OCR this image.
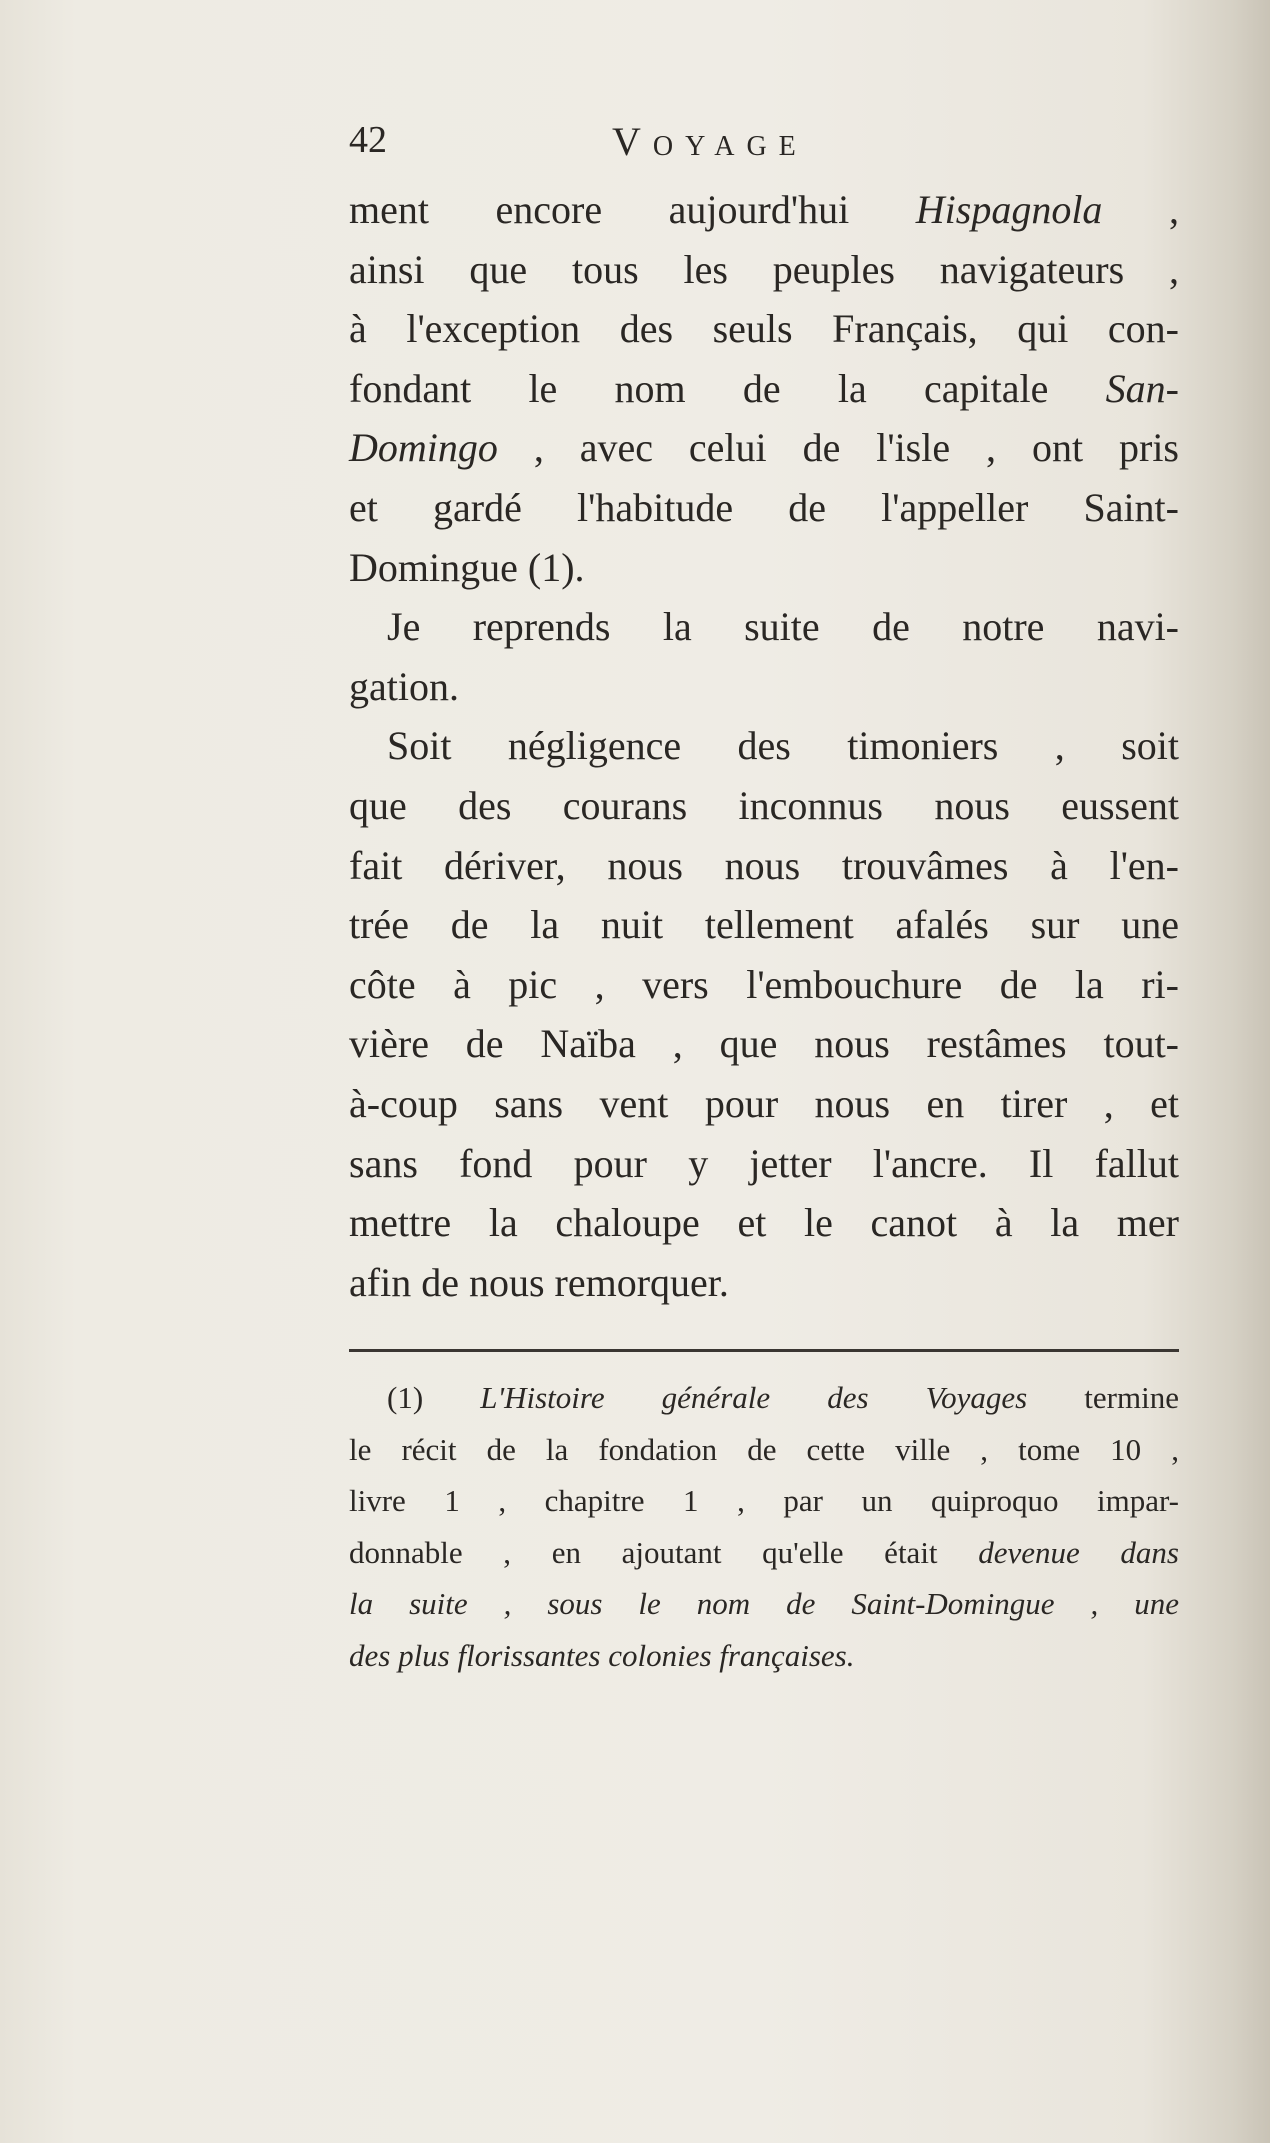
42	VOYAGE
ment encore aujourd'hui Hispagnola ,
ainsi que tous les peuples navigateurs ,
à l'exception des seuls Français, qui con-
fondant le nom de la capitale San-
Domingo , avec celui de l'isle , ont pris
et gardé l'habitude de l'appeller Saint-
Domingue (1).
Je reprends la suite de notre navi-
gation.
Soit négligence des timoniers , soit
que des courans inconnus nous eussent
fait dériver, nous nous trouvâmes à l'en-
trée de la nuit tellement afalés sur une
côte à pic , vers l'embouchure de la ri-
vière de Naïba , que nous restâmes tout-
à-coup sans vent pour nous en tirer , et
sans fond pour y jetter l'ancre. Il fallut
mettre la chaloupe et le canot à la mer
afin de nous remorquer.
(1) L'Histoire générale des Voyages termine
le récit de la fondation de cette ville , tome 10 ,
livre 1 , chapitre 1 , par un quiproquo impar-
donnable , en ajoutant qu'elle était devenue dans
la suite , sous le nom de Saint-Domingue , une
des plus florissantes colonies françaises.
